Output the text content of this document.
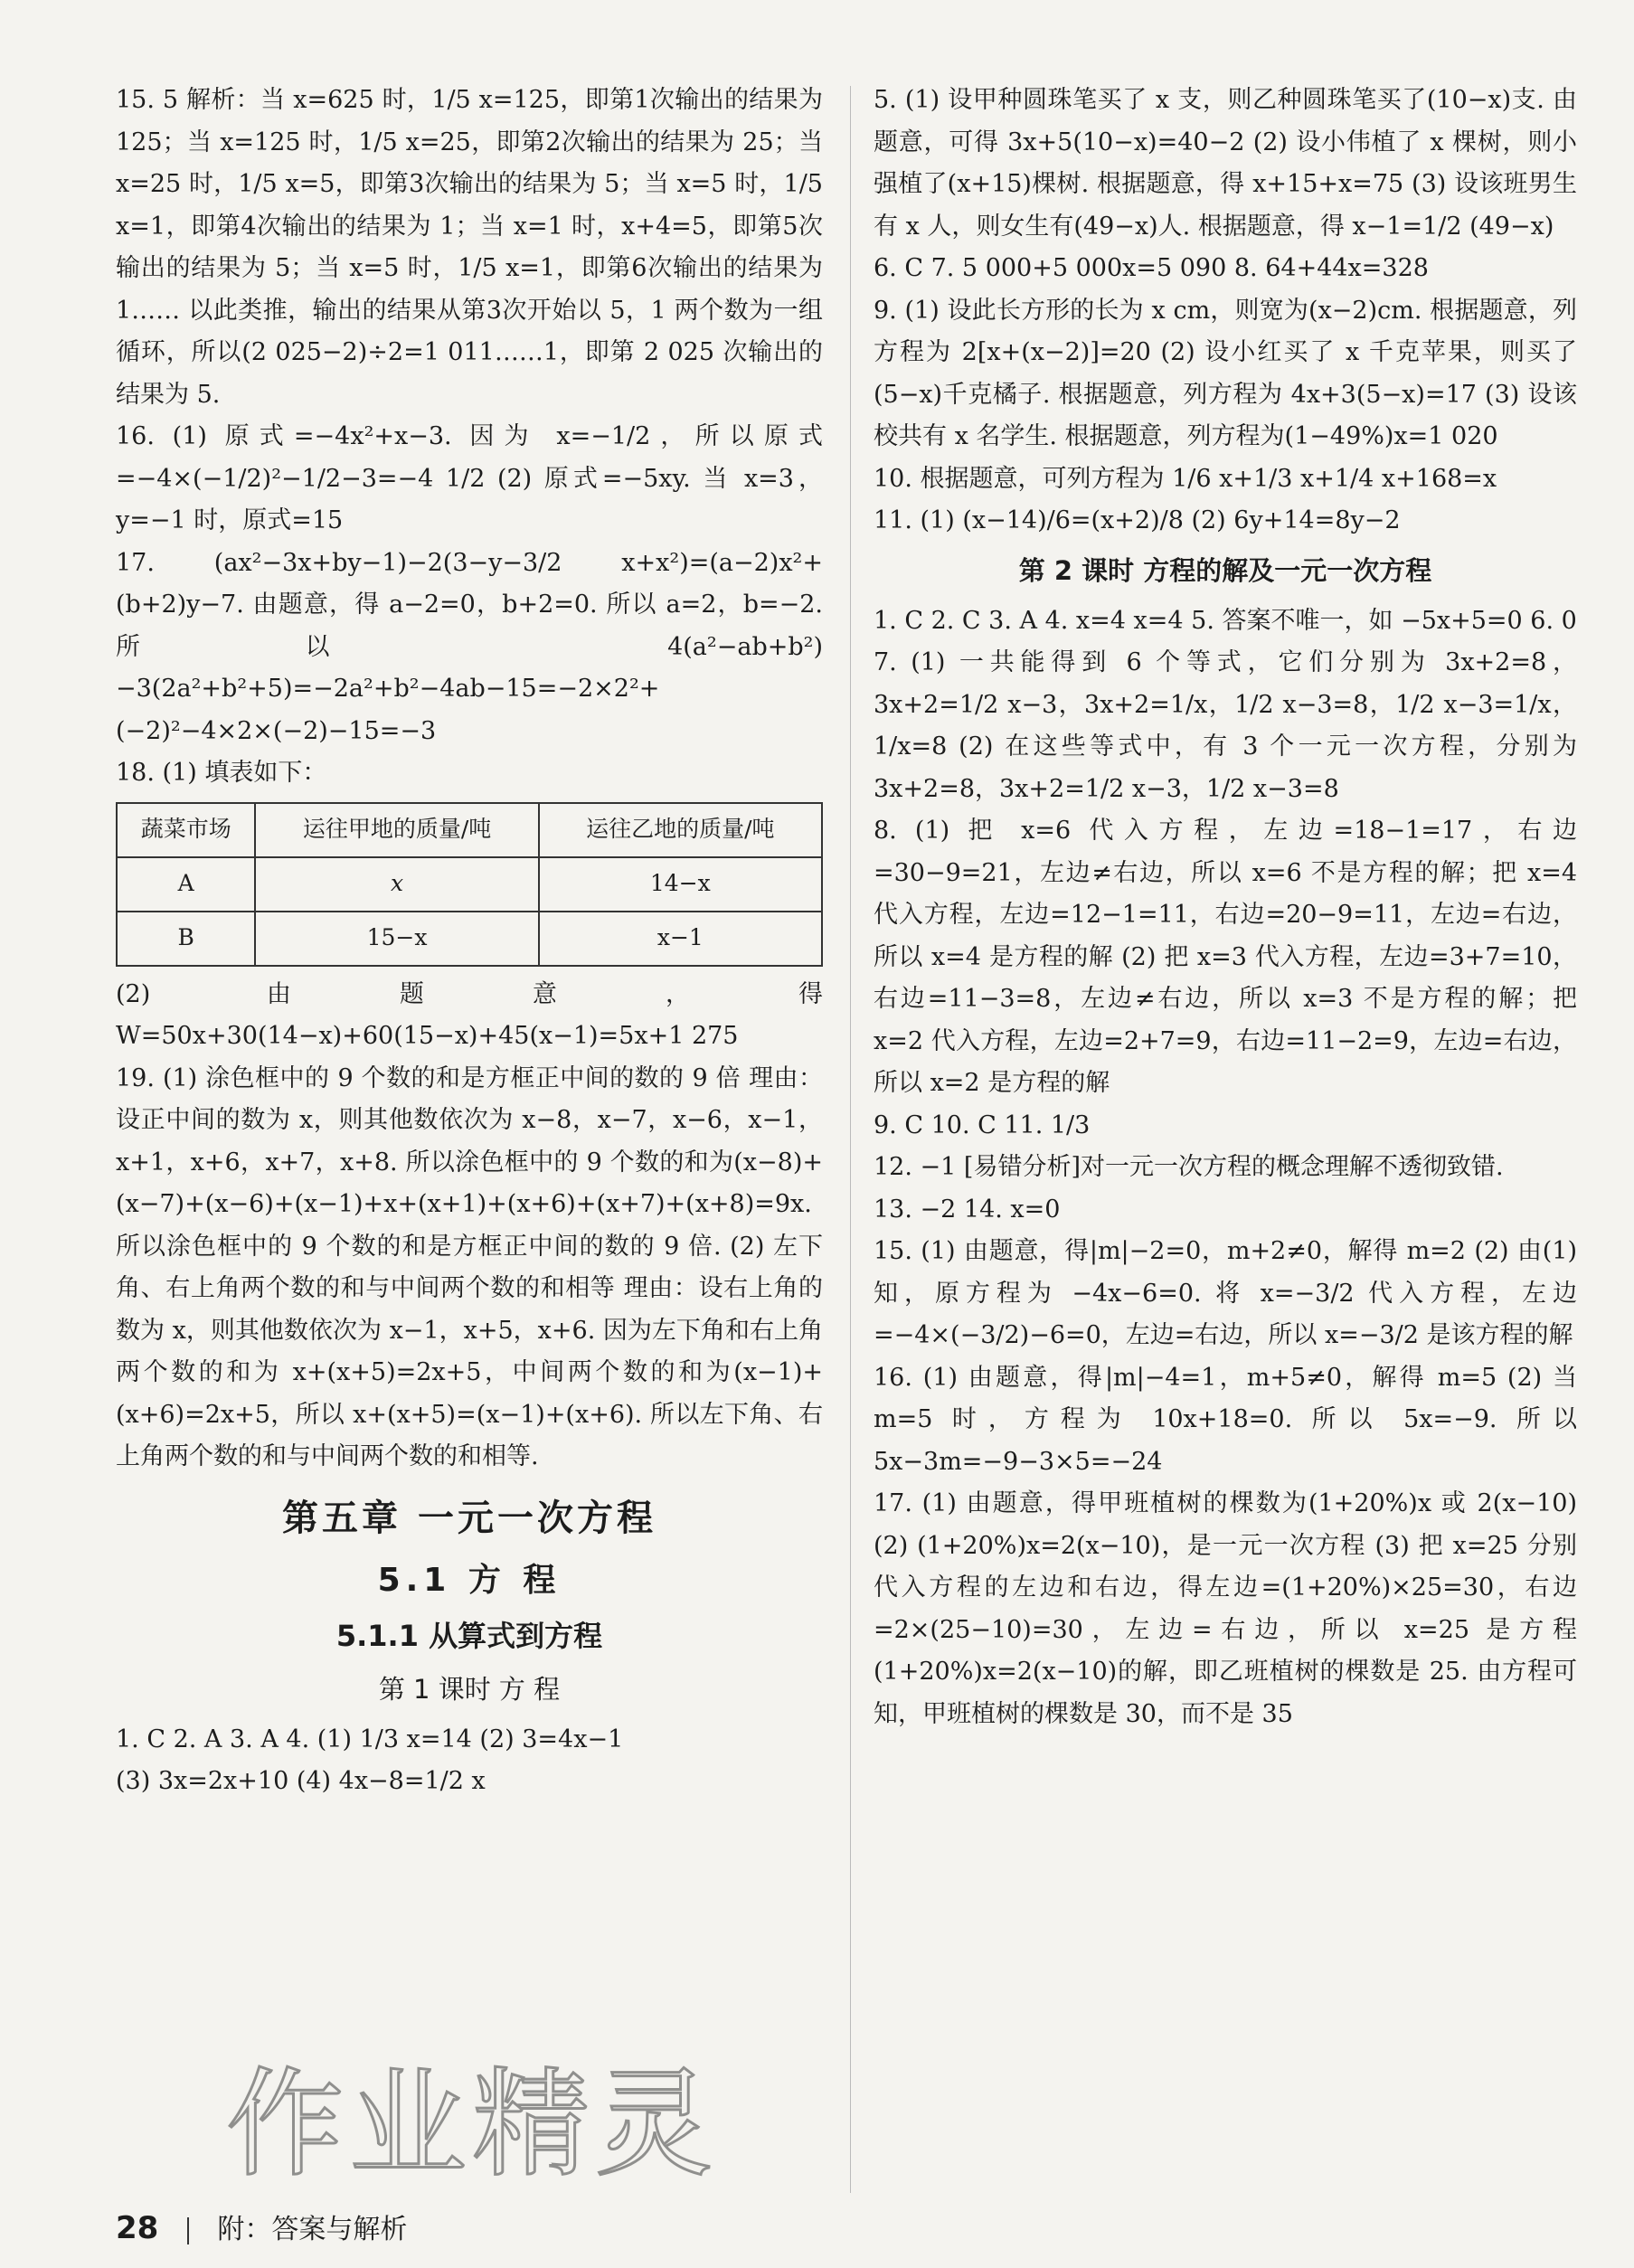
15. 5 解析：当 x=625 时，1/5 x=125，即第1次输出的结果为 125；当 x=125 时，1/5 x=25，即第2次输出的结果为 25；当 x=25 时，1/5 x=5，即第3次输出的结果为 5；当 x=5 时，1/5 x=1，即第4次输出的结果为 1；当 x=1 时，x+4=5，即第5次输出的结果为 5；当 x=5 时，1/5 x=1，即第6次输出的结果为 1…… 以此类推，输出的结果从第3次开始以 5，1 两个数为一组循环，所以(2 025−2)÷2=1 011……1，即第 2 025 次输出的结果为 5.

16. (1) 原式=−4x²+x−3. 因为 x=−1/2，所以原式=−4×(−1/2)²−1/2−3=−4 1/2 (2) 原式=−5xy. 当 x=3，y=−1 时，原式=15

17. (ax²−3x+by−1)−2(3−y−3/2 x+x²)=(a−2)x²+(b+2)y−7. 由题意，得 a−2=0，b+2=0. 所以 a=2，b=−2. 所以 4(a²−ab+b²)−3(2a²+b²+5)=−2a²+b²−4ab−15=−2×2²+(−2)²−4×2×(−2)−15=−3

18. (1) 填表如下：

蔬菜市场	运往甲地的质量/吨	运往乙地的质量/吨
A	x	14−x
B	15−x	x−1

(2) 由题意，得 W=50x+30(14−x)+60(15−x)+45(x−1)=5x+1 275

19. (1) 涂色框中的 9 个数的和是方框正中间的数的 9 倍 理由：设正中间的数为 x，则其他数依次为 x−8，x−7，x−6，x−1，x+1，x+6，x+7，x+8. 所以涂色框中的 9 个数的和为(x−8)+(x−7)+(x−6)+(x−1)+x+(x+1)+(x+6)+(x+7)+(x+8)=9x. 所以涂色框中的 9 个数的和是方框正中间的数的 9 倍. (2) 左下角、右上角两个数的和与中间两个数的和相等 理由：设右上角的数为 x，则其他数依次为 x−1，x+5，x+6. 因为左下角和右上角两个数的和为 x+(x+5)=2x+5，中间两个数的和为(x−1)+(x+6)=2x+5，所以 x+(x+5)=(x−1)+(x+6). 所以左下角、右上角两个数的和与中间两个数的和相等.

第五章 一元一次方程
5.1 方 程
5.1.1 从算式到方程
第 1 课时 方 程

1. C 2. A 3. A 4. (1) 1/3 x=14 (2) 3=4x−1

(3) 3x=2x+10 (4) 4x−8=1/2 x

5. (1) 设甲种圆珠笔买了 x 支，则乙种圆珠笔买了(10−x)支. 由题意，可得 3x+5(10−x)=40−2 (2) 设小伟植了 x 棵树，则小强植了(x+15)棵树. 根据题意，得 x+15+x=75 (3) 设该班男生有 x 人，则女生有(49−x)人. 根据题意，得 x−1=1/2 (49−x)

6. C 7. 5 000+5 000x=5 090 8. 64+44x=328

9. (1) 设此长方形的长为 x cm，则宽为(x−2)cm. 根据题意，列方程为 2[x+(x−2)]=20 (2) 设小红买了 x 千克苹果，则买了(5−x)千克橘子. 根据题意，列方程为 4x+3(5−x)=17 (3) 设该校共有 x 名学生. 根据题意，列方程为(1−49%)x=1 020

10. 根据题意，可列方程为 1/6 x+1/3 x+1/4 x+168=x

11. (1) (x−14)/6=(x+2)/8 (2) 6y+14=8y−2

第 2 课时 方程的解及一元一次方程

1. C 2. C 3. A 4. x=4 x=4 5. 答案不唯一，如 −5x+5=0 6. 0

7. (1) 一共能得到 6 个等式，它们分别为 3x+2=8，3x+2=1/2 x−3，3x+2=1/x，1/2 x−3=8，1/2 x−3=1/x，1/x=8 (2) 在这些等式中，有 3 个一元一次方程，分别为 3x+2=8，3x+2=1/2 x−3，1/2 x−3=8

8. (1) 把 x=6 代入方程，左边=18−1=17，右边=30−9=21，左边≠右边，所以 x=6 不是方程的解；把 x=4 代入方程，左边=12−1=11，右边=20−9=11，左边=右边，所以 x=4 是方程的解 (2) 把 x=3 代入方程，左边=3+7=10，右边=11−3=8，左边≠右边，所以 x=3 不是方程的解；把 x=2 代入方程，左边=2+7=9，右边=11−2=9，左边=右边，所以 x=2 是方程的解

9. C 10. C 11. 1/3

12. −1 [易错分析]对一元一次方程的概念理解不透彻致错.

13. −2 14. x=0

15. (1) 由题意，得|m|−2=0，m+2≠0，解得 m=2 (2) 由(1)知，原方程为 −4x−6=0. 将 x=−3/2 代入方程，左边=−4×(−3/2)−6=0，左边=右边，所以 x=−3/2 是该方程的解

16. (1) 由题意，得|m|−4=1，m+5≠0，解得 m=5 (2) 当 m=5 时，方程为 10x+18=0. 所以 5x=−9. 所以 5x−3m=−9−3×5=−24

17. (1) 由题意，得甲班植树的棵数为(1+20%)x 或 2(x−10) (2) (1+20%)x=2(x−10)，是一元一次方程 (3) 把 x=25 分别代入方程的左边和右边，得左边=(1+20%)×25=30，右边=2×(25−10)=30，左边=右边，所以 x=25 是方程(1+20%)x=2(x−10)的解，即乙班植树的棵数是 25. 由方程可知，甲班植树的棵数是 30，而不是 35

作业精灵
28 附：答案与解析
